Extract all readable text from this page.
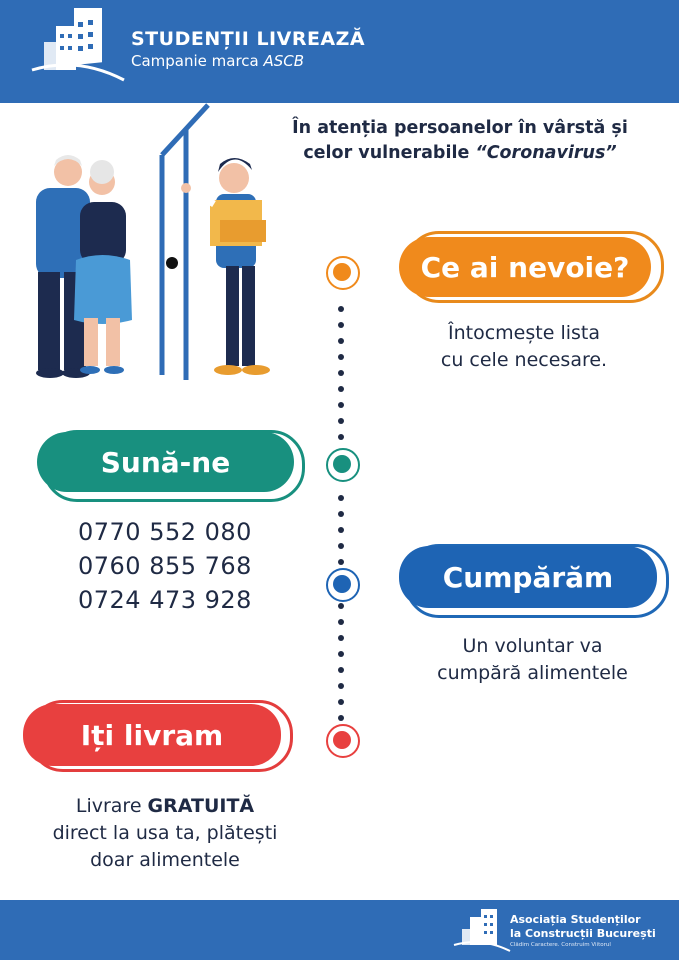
STUDENȚII LIVREAZĂ
Campanie marca ASCB
În atenția persoanelor în vârstă și
celor vulnerabile “Coronavirus”
Ce ai nevoie?
Întocmește lista
cu cele necesare.
Sună-ne
0770 552 080
0760 855 768
0724 473 928
Cumpărăm
Un voluntar va
cumpără alimentele
Iți livram
Livrare GRATUITĂ
direct la usa ta, plătești
doar alimentele
Asociația Studenților
la Construcții București
Clădim Caractere. Construim Viitorul
